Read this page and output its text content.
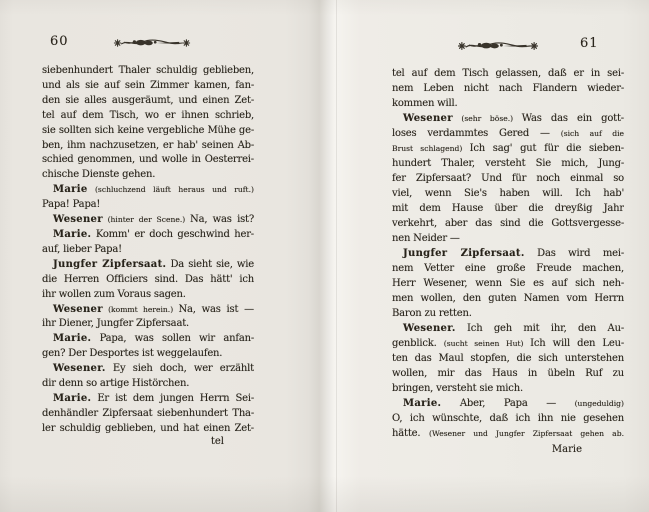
60
siebenhundert Thaler schuldig geblieben,
und als sie auf sein Zimmer kamen, fan-
den sie alles ausgeräumt, und einen Zet-
tel auf dem Tisch, wo er ihnen schrieb,
sie sollten sich keine vergebliche Mühe ge-
ben, ihm nachzusetzen, er hab' seinen Ab-
schied genommen, und wolle in Oesterrei-
chische Dienste gehen.
Marie (schluchzend läuft heraus und ruft.)
Papa! Papa!
Wesener (hinter der Scene.) Na, was ist?
Marie. Komm' er doch geschwind her-
auf, lieber Papa!
Jungfer Zipfersaat. Da sieht sie, wie
die Herren Officiers sind. Das hätt' ich
ihr wollen zum Voraus sagen.
Wesener (kommt herein.) Na, was ist —
ihr Diener, Jungfer Zipfersaat.
Marie. Papa, was sollen wir anfan-
gen? Der Desportes ist weggelaufen.
Wesener. Ey sieh doch, wer erzählt
dir denn so artige Histörchen.
Marie. Er ist dem jungen Herrn Sei-
denhändler Zipfersaat siebenhundert Tha-
ler schuldig geblieben, und hat einen Zet-
tel
61
tel auf dem Tisch gelassen, daß er in sei-
nem Leben nicht nach Flandern wieder-
kommen will.
Wesener (sehr böse.) Was das ein gott-
loses verdammtes Gered — (sich auf die
Brust schlagend) Ich sag' gut für die sieben-
hundert Thaler, versteht Sie mich, Jung-
fer Zipfersaat? Und für noch einmal so
viel, wenn Sie's haben will. Ich hab'
mit dem Hause über die dreyßig Jahr
verkehrt, aber das sind die Gottsvergesse-
nen Neider —
Jungfer Zipfersaat. Das wird mei-
nem Vetter eine große Freude machen,
Herr Wesener, wenn Sie es auf sich neh-
men wollen, den guten Namen vom Herrn
Baron zu retten.
Wesener. Ich geh mit ihr, den Au-
genblick. (sucht seinen Hut) Ich will den Leu-
ten das Maul stopfen, die sich unterstehen
wollen, mir das Haus in übeln Ruf zu
bringen, versteht sie mich.
Marie. Aber, Papa — (ungeduldig)
O, ich wünschte, daß ich ihn nie gesehen
hätte. (Wesener und Jungfer Zipfersaat gehen ab.
Marie
